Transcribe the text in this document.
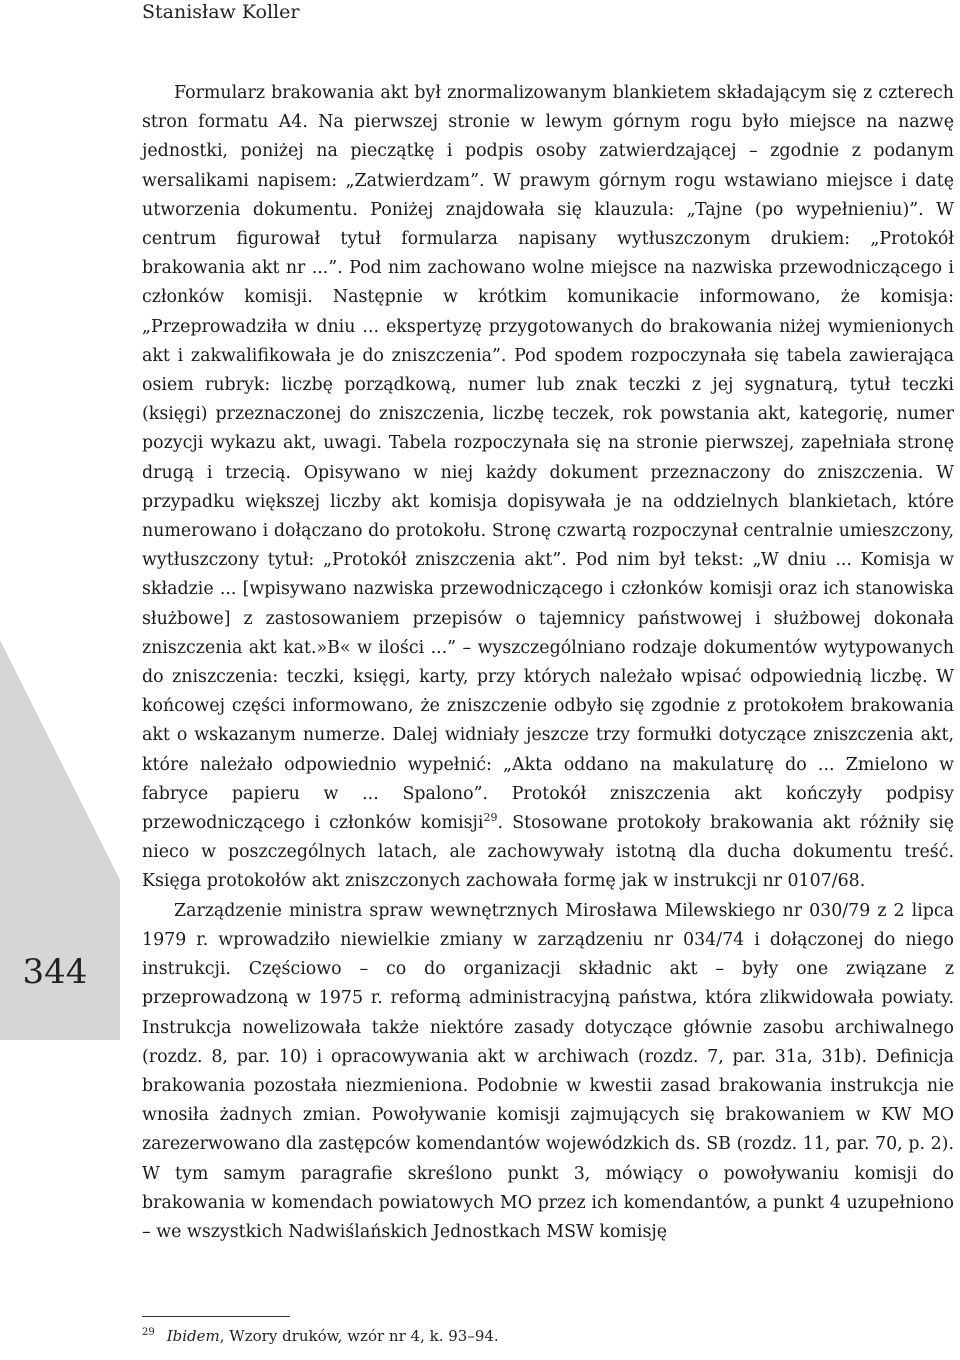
Stanisław Koller
344

Formularz brakowania akt był znormalizowanym blankietem składającym się z czterech stron formatu A4. Na pierwszej stronie w lewym górnym rogu było miejsce na nazwę jednostki, poniżej na pieczątkę i podpis osoby zatwierdzającej – zgodnie z podanym wersalikami napisem: „Zatwierdzam”. W prawym górnym rogu wstawiano miejsce i datę utworzenia dokumentu. Poniżej znajdowała się klauzula: „Tajne (po wypełnieniu)”. W centrum figurował tytuł formularza napisany wytłuszczonym drukiem: „Protokół brakowania akt nr ...”. Pod nim zachowano wolne miejsce na nazwiska przewodniczącego i członków komisji. Następnie w krótkim komunikacie informowano, że komisja: „Przeprowadziła w dniu ... ekspertyzę przygotowanych do brakowania niżej wymienionych akt i zakwalifikowała je do zniszczenia”. Pod spodem rozpoczynała się tabela zawierająca osiem rubryk: liczbę porządkową, numer lub znak teczki z jej sygnaturą, tytuł teczki (księgi) przeznaczonej do zniszczenia, liczbę teczek, rok powstania akt, kategorię, numer pozycji wykazu akt, uwagi. Tabela rozpoczynała się na stronie pierwszej, zapełniała stronę drugą i trzecią. Opisywano w niej każdy dokument przeznaczony do zniszczenia. W przypadku większej liczby akt komisja dopisywała je na oddzielnych blankietach, które numerowano i dołączano do protokołu. Stronę czwartą rozpoczynał centralnie umieszczony, wytłuszczony tytuł: „Protokół zniszczenia akt”. Pod nim był tekst: „W dniu ... Komisja w składzie ... [wpisywano nazwiska przewodniczącego i członków komisji oraz ich stanowiska służbowe] z zastosowaniem przepisów o tajemnicy państwowej i służbowej dokonała zniszczenia akt kat.»B« w ilości ...” – wyszczególniano rodzaje dokumentów wytypowanych do zniszczenia: teczki, księgi, karty, przy których należało wpisać odpowiednią liczbę. W końcowej części informowano, że zniszczenie odbyło się zgodnie z protokołem brakowania akt o wskazanym numerze. Dalej widniały jeszcze trzy formułki dotyczące zniszczenia akt, które należało odpowiednio wypełnić: „Akta oddano na makulaturę do ... Zmielono w fabryce papieru w ... Spalono”. Protokół zniszczenia akt kończyły podpisy przewodniczącego i członków komisji$^{29}$. Stosowane protokoły brakowania akt różniły się nieco w poszczególnych latach, ale zachowywały istotną dla ducha dokumentu treść. Księga protokołów akt zniszczonych zachowała formę jak w instrukcji nr 0107/68.

Zarządzenie ministra spraw wewnętrznych Mirosława Milewskiego nr 030/79 z 2 lipca 1979 r. wprowadziło niewielkie zmiany w zarządzeniu nr 034/74 i dołączonej do niego instrukcji. Częściowo – co do organizacji składnic akt – były one związane z przeprowadzoną w 1975 r. reformą administracyjną państwa, która zlikwidowała powiaty. Instrukcja nowelizowała także niektóre zasady dotyczące głównie zasobu archiwalnego (rozdz. 8, par. 10) i opracowywania akt w archiwach (rozdz. 7, par. 31a, 31b). Definicja brakowania pozostała niezmieniona. Podobnie w kwestii zasad brakowania instrukcja nie wnosiła żadnych zmian. Powoływanie komisji zajmujących się brakowaniem w KW MO zarezerwowano dla zastępców komendantów wojewódzkich ds. SB (rozdz. 11, par. 70, p. 2). W tym samym paragrafie skreślono punkt 3, mówiący o powoływaniu komisji do brakowania w komendach powiatowych MO przez ich komendantów, a punkt 4 uzupełniono – we wszystkich Nadwiślańskich Jednostkach MSW komisję

$^{29}$ Ibidem, Wzory druków, wzór nr 4, k. 93–94.
